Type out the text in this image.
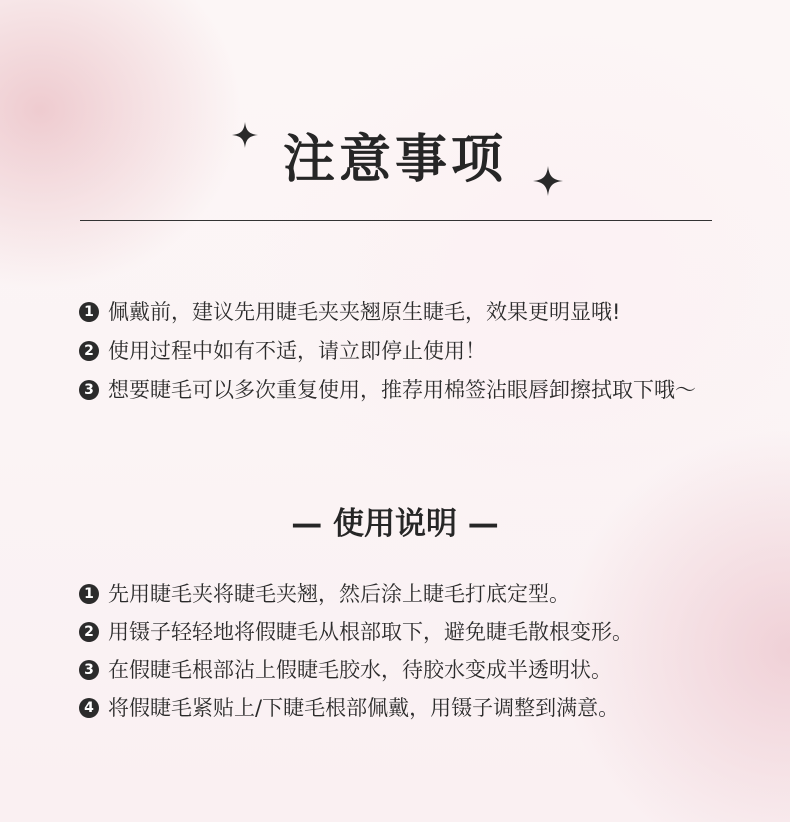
注意事项
1 佩戴前，建议先用睫毛夹夹翘原生睫毛，效果更明显哦!
2 使用过程中如有不适，请立即停止使用！
3 想要睫毛可以多次重复使用，推荐用棉签沾眼唇卸擦拭取下哦～
— 使用说明 —
1 先用睫毛夹将睫毛夹翘，然后涂上睫毛打底定型。
2 用镊子轻轻地将假睫毛从根部取下，避免睫毛散根变形。
3 在假睫毛根部沾上假睫毛胶水，待胶水变成半透明状。
4 将假睫毛紧贴上/下睫毛根部佩戴，用镊子调整到满意。
